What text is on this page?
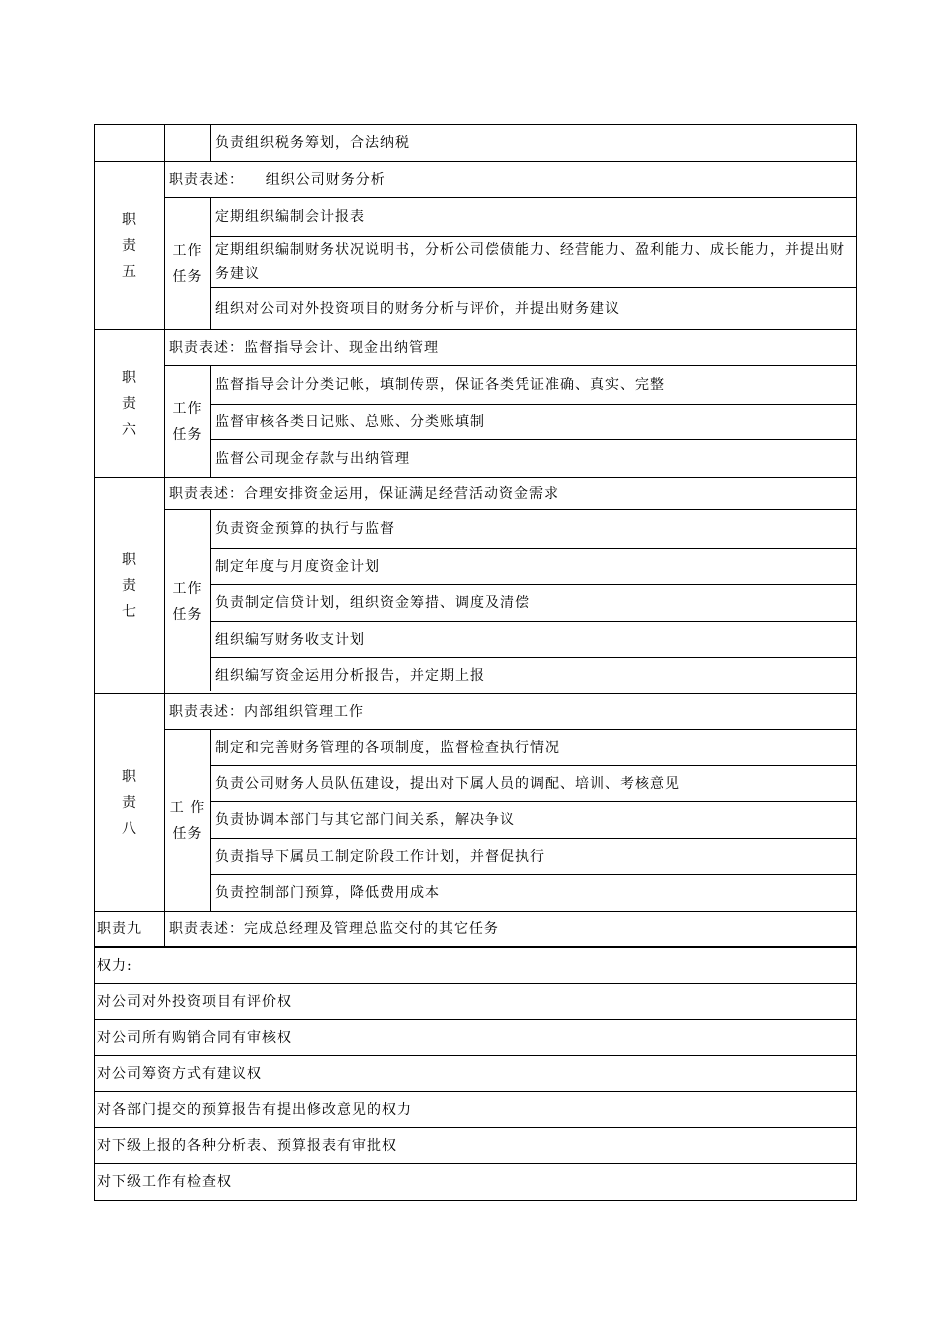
负责组织税务筹划，合法纳税
职
责
五
职责表述：    组织公司财务分析
工作
任务
定期组织编制会计报表
定期组织编制财务状况说明书，分析公司偿债能力、经营能力、盈利能力、成长能力，并提出财务建议
组织对公司对外投资项目的财务分析与评价，并提出财务建议
职
责
六
职责表述：监督指导会计、现金出纳管理
工作
任务
监督指导会计分类记帐，填制传票，保证各类凭证准确、真实、完整
监督审核各类日记账、总账、分类账填制
监督公司现金存款与出纳管理
职
责
七
职责表述：合理安排资金运用，保证满足经营活动资金需求
工作
任务
负责资金预算的执行与监督
制定年度与月度资金计划
负责制定信贷计划，组织资金筹措、调度及清偿
组织编写财务收支计划
组织编写资金运用分析报告，并定期上报
职
责
八
职责表述：内部组织管理工作
工 作
任务
制定和完善财务管理的各项制度，监督检查执行情况
负责公司财务人员队伍建设，提出对下属人员的调配、培训、考核意见
负责协调本部门与其它部门间关系，解决争议
负责指导下属员工制定阶段工作计划，并督促执行
负责控制部门预算，降低费用成本
职责九	职责表述：完成总经理及管理总监交付的其它任务
权力:
对公司对外投资项目有评价权
对公司所有购销合同有审核权
对公司筹资方式有建议权
对各部门提交的预算报告有提出修改意见的权力
对下级上报的各种分析表、预算报表有审批权
对下级工作有检查权
